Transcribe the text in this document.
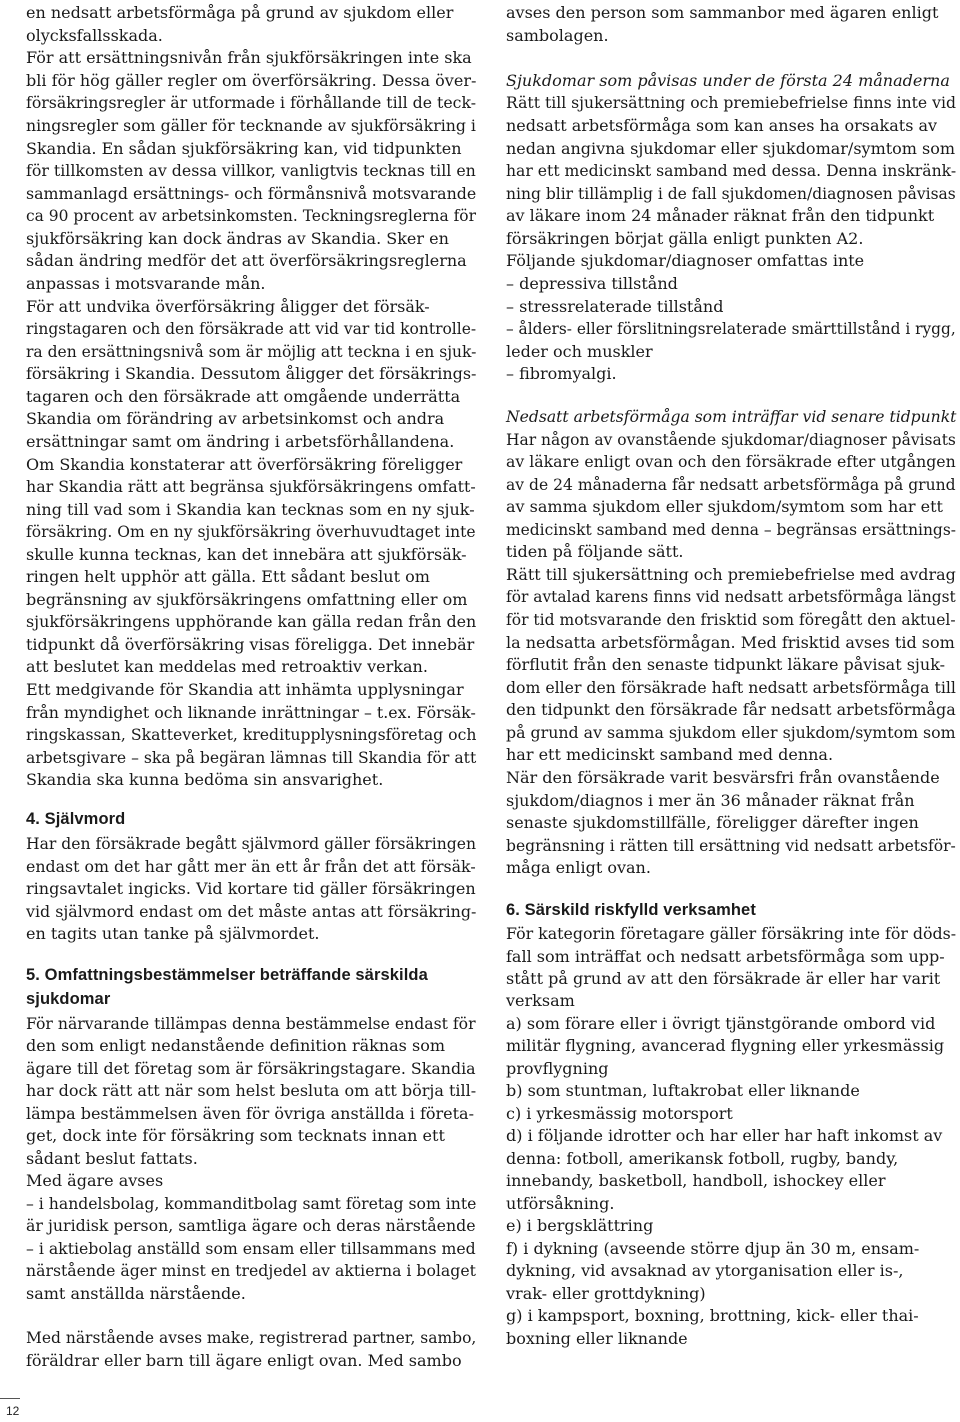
en nedsatt arbetsförmåga på grund av sjukdom eller
olycksfallsskada.
För att ersättningsnivån från sjukförsäkringen inte ska
bli för hög gäller regler om överförsäkring. Dessa över-
försäkringsregler är utformade i förhållande till de teck-
ningsregler som gäller för tecknande av sjukförsäkring i
Skandia. En sådan sjukförsäkring kan, vid tidpunkten
för tillkomsten av dessa villkor, vanligtvis tecknas till en
sammanlagd ersättnings- och förmånsnivå motsvarande
ca 90 procent av arbetsinkomsten. Teckningsreglerna för
sjukförsäkring kan dock ändras av Skandia. Sker en
sådan ändring medför det att överförsäkringsreglerna
anpassas i motsvarande mån.
För att undvika överförsäkring åligger det försäk-
ringstagaren och den försäkrade att vid var tid kontrolle-
ra den ersättningsnivå som är möjlig att teckna i en sjuk-
försäkring i Skandia. Dessutom åligger det försäkrings-
tagaren och den försäkrade att omgående underrätta
Skandia om förändring av arbetsinkomst och andra
ersättningar samt om ändring i arbetsförhållandena.
Om Skandia konstaterar att överförsäkring föreligger
har Skandia rätt att begränsa sjukförsäkringens omfatt-
ning till vad som i Skandia kan tecknas som en ny sjuk-
försäkring. Om en ny sjukförsäkring överhuvudtaget inte
skulle kunna tecknas, kan det innebära att sjukförsäk-
ringen helt upphör att gälla. Ett sådant beslut om
begränsning av sjukförsäkringens omfattning eller om
sjukförsäkringens upphörande kan gälla redan från den
tidpunkt då överförsäkring visas föreligga. Det innebär
att beslutet kan meddelas med retroaktiv verkan.
Ett medgivande för Skandia att inhämta upplysningar
från myndighet och liknande inrättningar – t.ex. Försäk-
ringskassan, Skatteverket, kreditupplysningsföretag och
arbetsgivare – ska på begäran lämnas till Skandia för att
Skandia ska kunna bedöma sin ansvarighet.
4. Självmord
Har den försäkrade begått självmord gäller försäkringen
endast om det har gått mer än ett år från det att försäk-
ringsavtalet ingicks. Vid kortare tid gäller försäkringen
vid självmord endast om det måste antas att försäkring-
en tagits utan tanke på självmordet.
5. Omfattningsbestämmelser beträffande särskilda
sjukdomar
För närvarande tillämpas denna bestämmelse endast för
den som enligt nedanstående definition räknas som
ägare till det företag som är försäkringstagare. Skandia
har dock rätt att när som helst besluta om att börja till-
lämpa bestämmelsen även för övriga anställda i företa-
get, dock inte för försäkring som tecknats innan ett
sådant beslut fattats.
Med ägare avses
– i handelsbolag, kommanditbolag samt företag som inte
är juridisk person, samtliga ägare och deras närstående
– i aktiebolag anställd som ensam eller tillsammans med
närstående äger minst en tredjedel av aktierna i bolaget
samt anställda närstående.
Med närstående avses make, registrerad partner, sambo,
föräldrar eller barn till ägare enligt ovan. Med sambo
avses den person som sammanbor med ägaren enligt
sambolagen.
Sjukdomar som påvisas under de första 24 månaderna
Rätt till sjukersättning och premiebefrielse finns inte vid
nedsatt arbetsförmåga som kan anses ha orsakats av
nedan angivna sjukdomar eller sjukdomar/symtom som
har ett medicinskt samband med dessa. Denna inskränk-
ning blir tillämplig i de fall sjukdomen/diagnosen påvisas
av läkare inom 24 månader räknat från den tidpunkt
försäkringen börjat gälla enligt punkten A2.
Följande sjukdomar/diagnoser omfattas inte
– depressiva tillstånd
– stressrelaterade tillstånd
– ålders- eller förslitningsrelaterade smärttillstånd i rygg,
leder och muskler
– fibromyalgi.
Nedsatt arbetsförmåga som inträffar vid senare tidpunkt
Har någon av ovanstående sjukdomar/diagnoser påvisats
av läkare enligt ovan och den försäkrade efter utgången
av de 24 månaderna får nedsatt arbetsförmåga på grund
av samma sjukdom eller sjukdom/symtom som har ett
medicinskt samband med denna – begränsas ersättnings-
tiden på följande sätt.
Rätt till sjukersättning och premiebefrielse med avdrag
för avtalad karens finns vid nedsatt arbetsförmåga längst
för tid motsvarande den frisktid som föregått den aktuel-
la nedsatta arbetsförmågan. Med frisktid avses tid som
förflutit från den senaste tidpunkt läkare påvisat sjuk-
dom eller den försäkrade haft nedsatt arbetsförmåga till
den tidpunkt den försäkrade får nedsatt arbetsförmåga
på grund av samma sjukdom eller sjukdom/symtom som
har ett medicinskt samband med denna.
När den försäkrade varit besvärsfri från ovanstående
sjukdom/diagnos i mer än 36 månader räknat från
senaste sjukdomstillfälle, föreligger därefter ingen
begränsning i rätten till ersättning vid nedsatt arbetsför-
måga enligt ovan.
6. Särskild riskfylld verksamhet
För kategorin företagare gäller försäkring inte för döds-
fall som inträffat och nedsatt arbetsförmåga som upp-
stått på grund av att den försäkrade är eller har varit
verksam
a) som förare eller i övrigt tjänstgörande ombord vid
militär flygning, avancerad flygning eller yrkesmässig
provflygning
b) som stuntman, luftakrobat eller liknande
c) i yrkesmässig motorsport
d) i följande idrotter och har eller har haft inkomst av
denna: fotboll, amerikansk fotboll, rugby, bandy,
innebandy, basketboll, handboll, ishockey eller
utförsåkning.
e) i bergsklättring
f) i dykning (avseende större djup än 30 m, ensam-
dykning, vid avsaknad av ytorganisation eller is-,
vrak- eller grottdykning)
g) i kampsport, boxning, brottning, kick- eller thai-
boxning eller liknande
12
